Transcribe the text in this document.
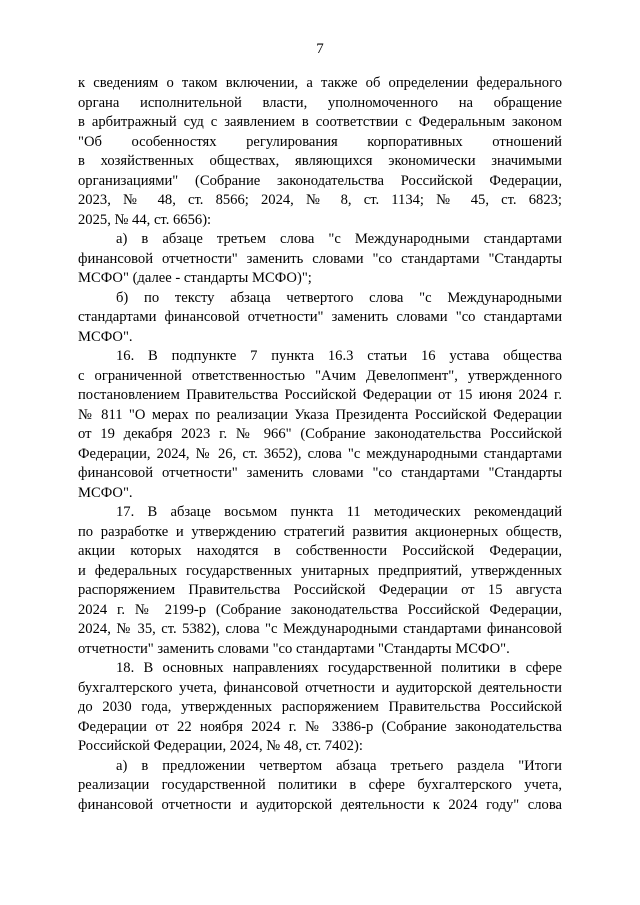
7
к сведениям о таком включении, а также об определении федерального
органа исполнительной власти, уполномоченного на обращение
в арбитражный суд с заявлением в соответствии с Федеральным законом
"Об особенностях регулирования корпоративных отношений
в хозяйственных обществах, являющихся экономически значимыми
организациями" (Собрание законодательства Российской Федерации,
2023, № 48, ст. 8566; 2024, № 8, ст. 1134; № 45, ст. 6823;
2025, № 44, ст. 6656):
а) в абзаце третьем слова "с Международными стандартами
финансовой отчетности" заменить словами "со стандартами "Стандарты
МСФО" (далее - стандарты МСФО)";
б) по тексту абзаца четвертого слова "с Международными
стандартами финансовой отчетности" заменить словами "со стандартами
МСФО".
16. В подпункте 7 пункта 16.3 статьи 16 устава общества
с ограниченной ответственностью "Ачим Девелопмент", утвержденного
постановлением Правительства Российской Федерации от 15 июня 2024 г.
№ 811 "О мерах по реализации Указа Президента Российской Федерации
от 19 декабря 2023 г. № 966" (Собрание законодательства Российской
Федерации, 2024, № 26, ст. 3652), слова "с международными стандартами
финансовой отчетности" заменить словами "со стандартами "Стандарты
МСФО".
17. В абзаце восьмом пункта 11 методических рекомендаций
по разработке и утверждению стратегий развития акционерных обществ,
акции которых находятся в собственности Российской Федерации,
и федеральных государственных унитарных предприятий, утвержденных
распоряжением Правительства Российской Федерации от 15 августа
2024 г. № 2199-р (Собрание законодательства Российской Федерации,
2024, № 35, ст. 5382), слова "с Международными стандартами финансовой
отчетности" заменить словами "со стандартами "Стандарты МСФО".
18. В основных направлениях государственной политики в сфере
бухгалтерского учета, финансовой отчетности и аудиторской деятельности
до 2030 года, утвержденных распоряжением Правительства Российской
Федерации от 22 ноября 2024 г. № 3386-р (Собрание законодательства
Российской Федерации, 2024, № 48, ст. 7402):
а) в предложении четвертом абзаца третьего раздела "Итоги
реализации государственной политики в сфере бухгалтерского учета,
финансовой отчетности и аудиторской деятельности к 2024 году" слова
